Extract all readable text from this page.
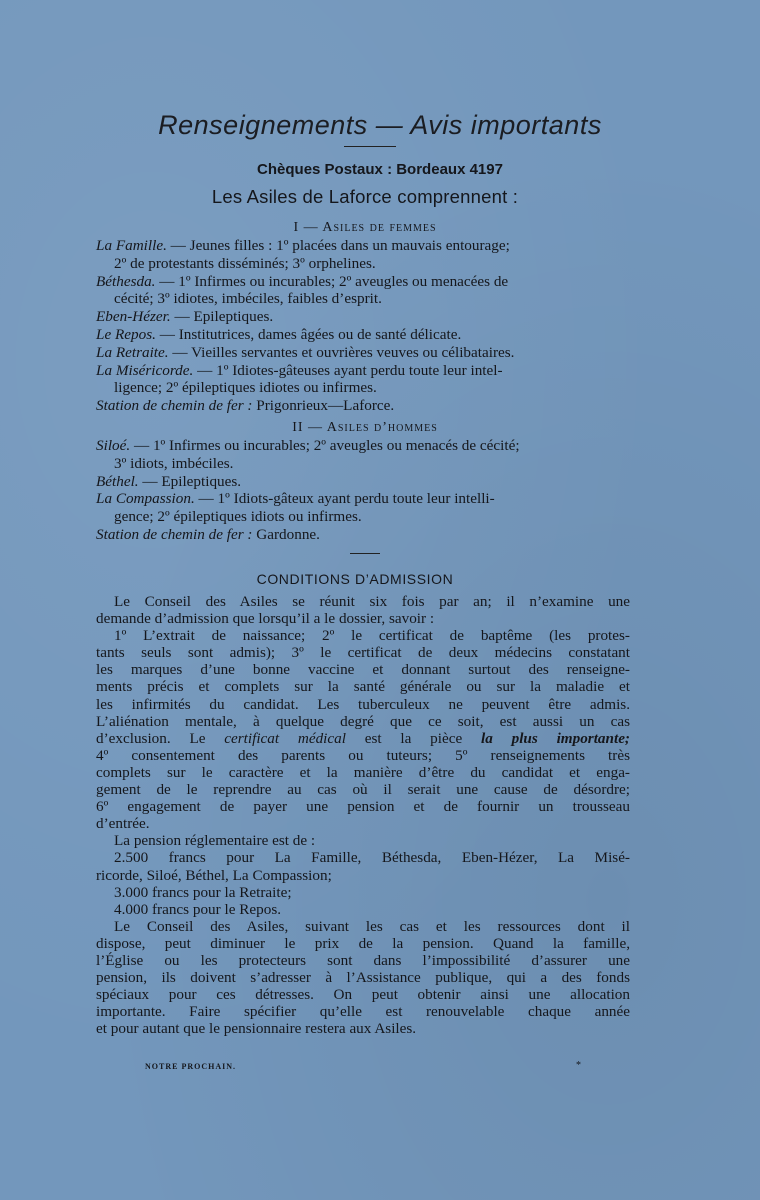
Renseignements — Avis importants
Chèques Postaux : Bordeaux 4197
Les Asiles de Laforce comprennent :
I — Asiles de femmes
La Famille. — Jeunes filles : 1º placées dans un mauvais entourage;
2º de protestants disséminés; 3º orphelines.
Béthesda. — 1º Infirmes ou incurables; 2º aveugles ou menacées de
cécité; 3º idiotes, imbéciles, faibles d’esprit.
Eben-Hézer. — Epileptiques.
Le Repos. — Institutrices, dames âgées ou de santé délicate.
La Retraite. — Vieilles servantes et ouvrières veuves ou célibataires.
La Miséricorde. — 1º Idiotes-gâteuses ayant perdu toute leur intel-
ligence; 2º épileptiques idiotes ou infirmes.
Station de chemin de fer : Prigonrieux—Laforce.
II — Asiles d’hommes
Siloé. — 1º Infirmes ou incurables; 2º aveugles ou menacés de cécité;
3º idiots, imbéciles.
Béthel. — Epileptiques.
La Compassion. — 1º Idiots-gâteux ayant perdu toute leur intelli-
gence; 2º épileptiques idiots ou infirmes.
Station de chemin de fer : Gardonne.
CONDITIONS D’ADMISSION
Le Conseil des Asiles se réunit six fois par an; il n’examine une
demande d’admission que lorsqu’il a le dossier, savoir :
1º L’extrait de naissance; 2º le certificat de baptême (les protes-
tants seuls sont admis); 3º le certificat de deux médecins constatant
les marques d’une bonne vaccine et donnant surtout des renseigne-
ments précis et complets sur la santé générale ou sur la maladie et
les infirmités du candidat. Les tuberculeux ne peuvent être admis.
L’aliénation mentale, à quelque degré que ce soit, est aussi un cas
d’exclusion. Le certificat médical est la pièce la plus importante;
4º consentement des parents ou tuteurs; 5º renseignements très
complets sur le caractère et la manière d’être du candidat et enga-
gement de le reprendre au cas où il serait une cause de désordre;
6º engagement de payer une pension et de fournir un trousseau
d’entrée.
La pension réglementaire est de :
2.500 francs pour La Famille, Béthesda, Eben-Hézer, La Misé-
ricorde, Siloé, Béthel, La Compassion;
3.000 francs pour la Retraite;
4.000 francs pour le Repos.
Le Conseil des Asiles, suivant les cas et les ressources dont il
dispose, peut diminuer le prix de la pension. Quand la famille,
l’Église ou les protecteurs sont dans l’impossibilité d’assurer une
pension, ils doivent s’adresser à l’Assistance publique, qui a des fonds
spéciaux pour ces détresses. On peut obtenir ainsi une allocation
importante. Faire spécifier qu’elle est renouvelable chaque année
et pour autant que le pensionnaire restera aux Asiles.
NOTRE PROCHAIN.	*
